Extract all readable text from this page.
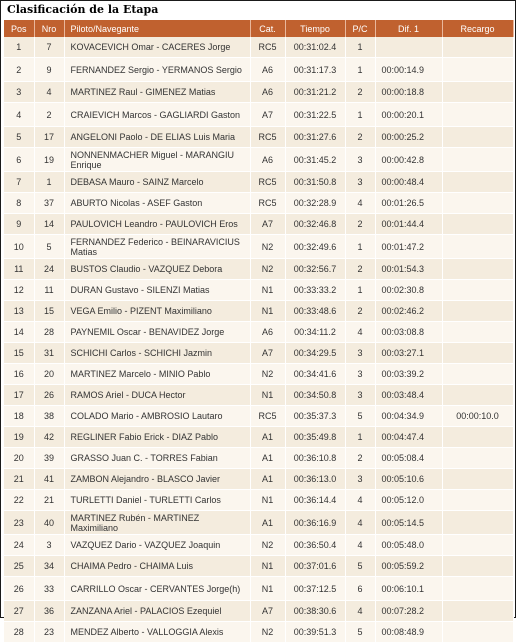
Clasificación de la Etapa
Pos	Nro	Piloto/Navegante	Cat.	Tiempo	P/C	Dif. 1	Recargo
1	7	KOVACEVICH Omar - CACERES Jorge	RC5	00:31:02.4	1		
2	9	FERNANDEZ Sergio - YERMANOS Sergio	A6	00:31:17.3	1	00:00:14.9	
3	4	MARTINEZ Raul - GIMENEZ Matias	A6	00:31:21.2	2	00:00:18.8	
4	2	CRAIEVICH Marcos - GAGLIARDI Gaston	A7	00:31:22.5	1	00:00:20.1	
5	17	ANGELONI Paolo - DE ELIAS Luis Maria	RC5	00:31:27.6	2	00:00:25.2	
6	19	NONNENMACHER Miguel - MARANGIU Enrique	A6	00:31:45.2	3	00:00:42.8	
7	1	DEBASA Mauro - SAINZ Marcelo	RC5	00:31:50.8	3	00:00:48.4	
8	37	ABURTO Nicolas - ASEF Gaston	RC5	00:32:28.9	4	00:01:26.5	
9	14	PAULOVICH Leandro - PAULOVICH Eros	A7	00:32:46.8	2	00:01:44.4	
10	5	FERNANDEZ Federico - BEINARAVICIUS Matias	N2	00:32:49.6	1	00:01:47.2	
11	24	BUSTOS Claudio - VAZQUEZ Debora	N2	00:32:56.7	2	00:01:54.3	
12	11	DURAN Gustavo - SILENZI Matias	N1	00:33:33.2	1	00:02:30.8	
13	15	VEGA Emilio - PIZENT Maximiliano	N1	00:33:48.6	2	00:02:46.2	
14	28	PAYNEMIL Oscar - BENAVIDEZ Jorge	A6	00:34:11.2	4	00:03:08.8	
15	31	SCHICHI Carlos - SCHICHI Jazmin	A7	00:34:29.5	3	00:03:27.1	
16	20	MARTINEZ Marcelo - MINIO Pablo	N2	00:34:41.6	3	00:03:39.2	
17	26	RAMOS Ariel - DUCA Hector	N1	00:34:50.8	3	00:03:48.4	
18	38	COLADO Mario - AMBROSIO Lautaro	RC5	00:35:37.3	5	00:04:34.9	00:00:10.0
19	42	REGLINER Fabio Erick - DIAZ Pablo	A1	00:35:49.8	1	00:04:47.4	
20	39	GRASSO Juan C. - TORRES Fabian	A1	00:36:10.8	2	00:05:08.4	
21	41	ZAMBON Alejandro - BLASCO Javier	A1	00:36:13.0	3	00:05:10.6	
22	21	TURLETTI Daniel - TURLETTI Carlos	N1	00:36:14.4	4	00:05:12.0	
23	40	MARTINEZ Rubén - MARTINEZ Maximiliano	A1	00:36:16.9	4	00:05:14.5	
24	3	VAZQUEZ Dario - VAZQUEZ Joaquin	N2	00:36:50.4	4	00:05:48.0	
25	34	CHAIMA Pedro - CHAIMA Luis	N1	00:37:01.6	5	00:05:59.2	
26	33	CARRILLO Oscar - CERVANTES Jorge(h)	N1	00:37:12.5	6	00:06:10.1	
27	36	ZANZANA Ariel - PALACIOS Ezequiel	A7	00:38:30.6	4	00:07:28.2	
28	23	MENDEZ Alberto - VALLOGGIA Alexis	N2	00:39:51.3	5	00:08:48.9	
